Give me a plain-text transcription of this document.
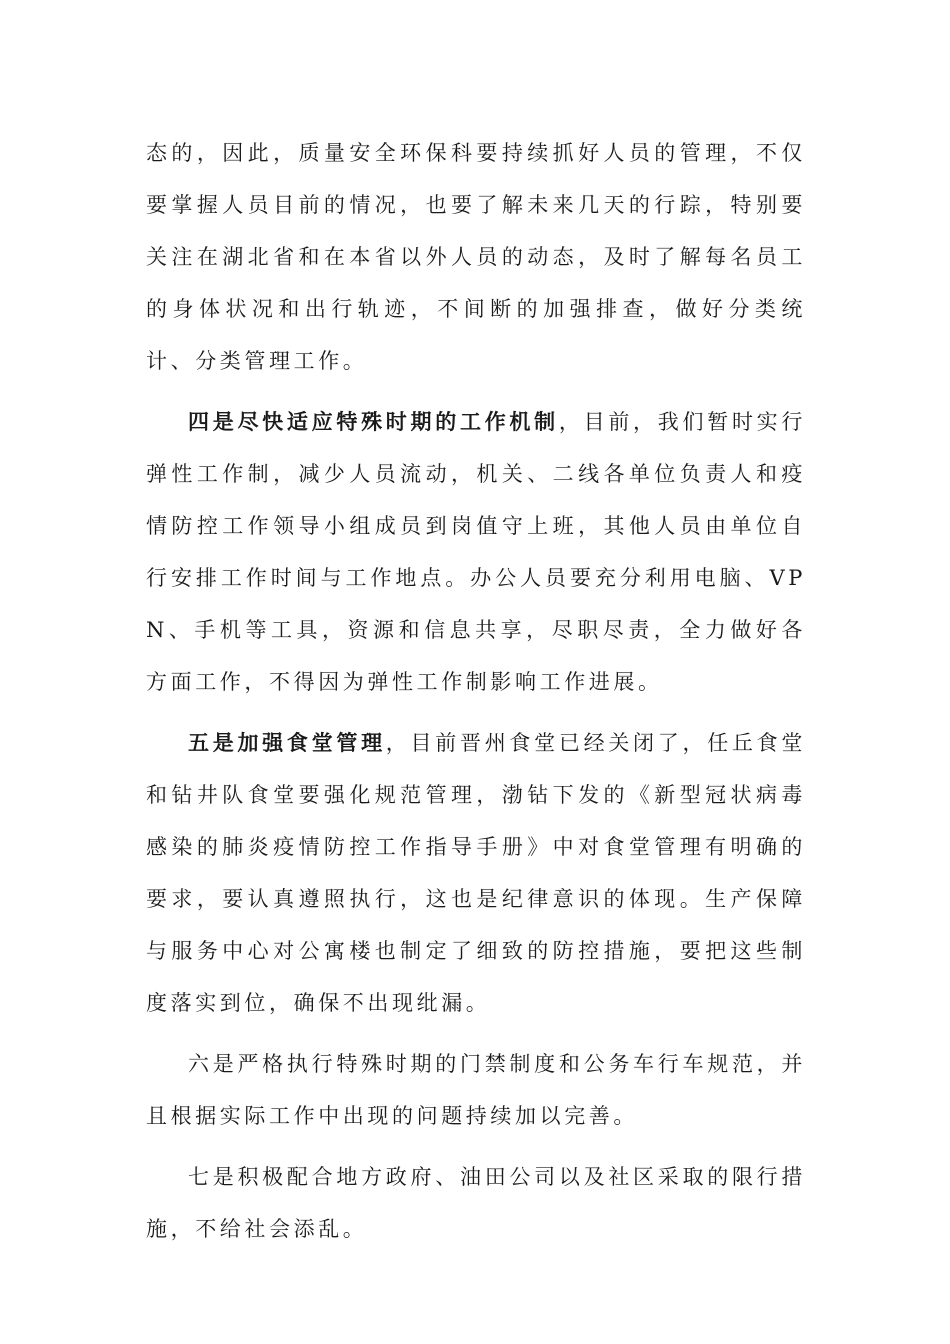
态的，因此，质量安全环保科要持续抓好人员的管理，不仅要掌握人员目前的情况，也要了解未来几天的行踪，特别要关注在湖北省和在本省以外人员的动态，及时了解每名员工的身体状况和出行轨迹，不间断的加强排查，做好分类统计、分类管理工作。

四是尽快适应特殊时期的工作机制，目前，我们暂时实行弹性工作制，减少人员流动，机关、二线各单位负责人和疫情防控工作领导小组成员到岗值守上班，其他人员由单位自行安排工作时间与工作地点。办公人员要充分利用电脑、VPN、手机等工具，资源和信息共享，尽职尽责，全力做好各方面工作，不得因为弹性工作制影响工作进展。

五是加强食堂管理，目前晋州食堂已经关闭了，任丘食堂和钻井队食堂要强化规范管理，渤钻下发的《新型冠状病毒感染的肺炎疫情防控工作指导手册》中对食堂管理有明确的要求，要认真遵照执行，这也是纪律意识的体现。生产保障与服务中心对公寓楼也制定了细致的防控措施，要把这些制度落实到位，确保不出现纰漏。

六是严格执行特殊时期的门禁制度和公务车行车规范，并且根据实际工作中出现的问题持续加以完善。

七是积极配合地方政府、油田公司以及社区采取的限行措施，不给社会添乱。
